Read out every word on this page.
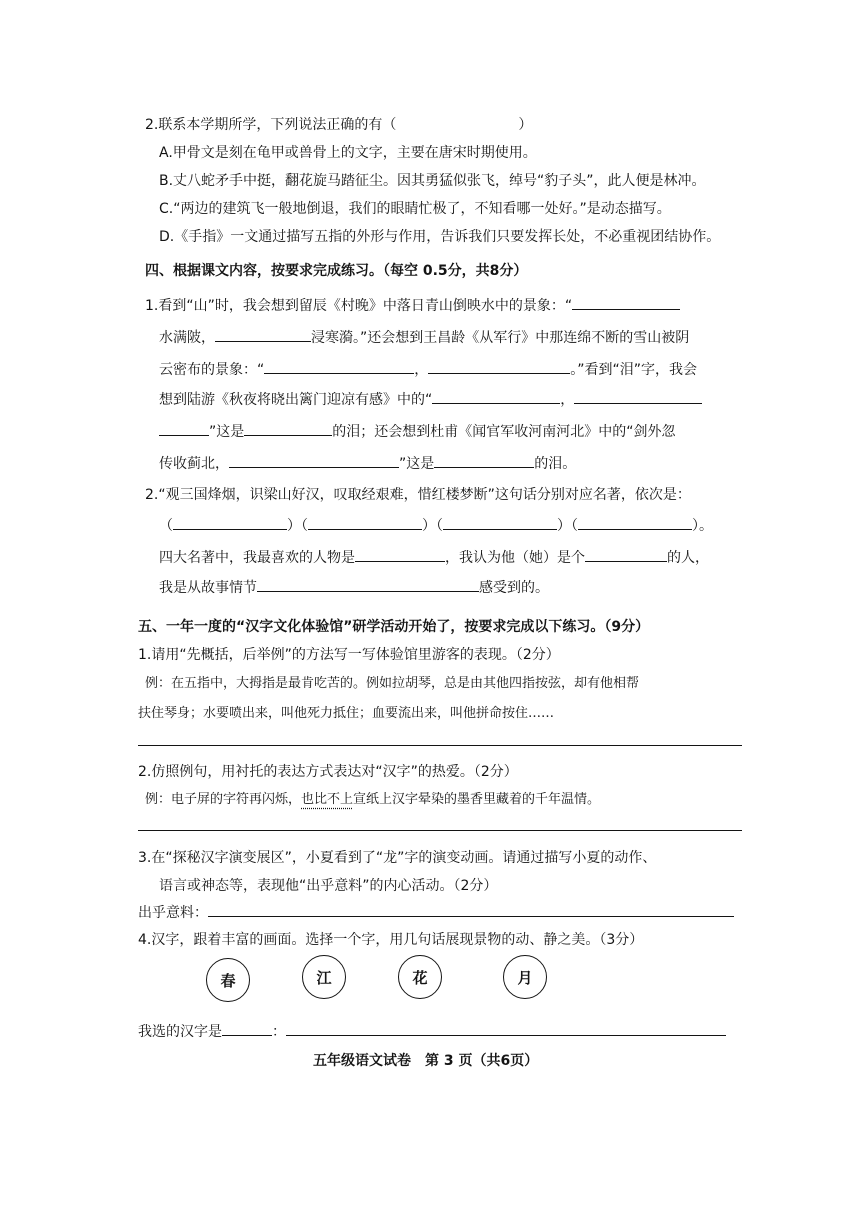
2.联系本学期所学，下列说法正确的有（	）
A.甲骨文是刻在龟甲或兽骨上的文字，主要在唐宋时期使用。
B.丈八蛇矛手中挺，翻花旋马踏征尘。因其勇猛似张飞，绰号“豹子头”，此人便是林冲。
C.“两边的建筑飞一般地倒退，我们的眼睛忙极了，不知看哪一处好。”是动态描写。
D.《手指》一文通过描写五指的外形与作用，告诉我们只要发挥长处，不必重视团结协作。
四、根据课文内容，按要求完成练习。（每空 0.5分，共8分）
1.看到“山”时，我会想到留辰《村晚》中落日青山倒映水中的景象：“
水满陂，	浸寒漪。”还会想到王昌龄《从军行》中那连绵不断的雪山被阴
云密布的景象：“	，	。”看到“泪”字，我会
想到陆游《秋夜将晓出篱门迎凉有感》中的“	，
”这是	的泪；还会想到杜甫《闻官军收河南河北》中的“剑外忽
传收蓟北，	”这是	的泪。
2.“观三国烽烟，识梁山好汉，叹取经艰难，惜红楼梦断”这句话分别对应名著，依次是：
（	）（	）（	）（	）。
四大名著中，我最喜欢的人物是	，我认为他（她）是个	的人，
我是从故事情节	感受到的。
五、一年一度的“汉字文化体验馆”研学活动开始了，按要求完成以下练习。（9分）
1.请用“先概括，后举例”的方法写一写体验馆里游客的表现。（2分）
例：在五指中，大拇指是最肯吃苦的。例如拉胡琴，总是由其他四指按弦，却有他相帮
扶住琴身；水要喷出来，叫他死力抵住；血要流出来，叫他拼命按住……
2.仿照例句，用衬托的表达方式表达对“汉字”的热爱。（2分）
例：电子屏的字符再闪烁，也比不上宣纸上汉字晕染的墨香里藏着的千年温情。
3.在“探秘汉字演变展区”，小夏看到了“龙”字的演变动画。请通过描写小夏的动作、
语言或神态等，表现他“出乎意料”的内心活动。（2分）
出乎意料：
4.汉字，跟着丰富的画面。选择一个字，用几句话展现景物的动、静之美。（3分）
春	江	花	月
我选的汉字是	：
五年级语文试卷　第 3 页（共6页）
